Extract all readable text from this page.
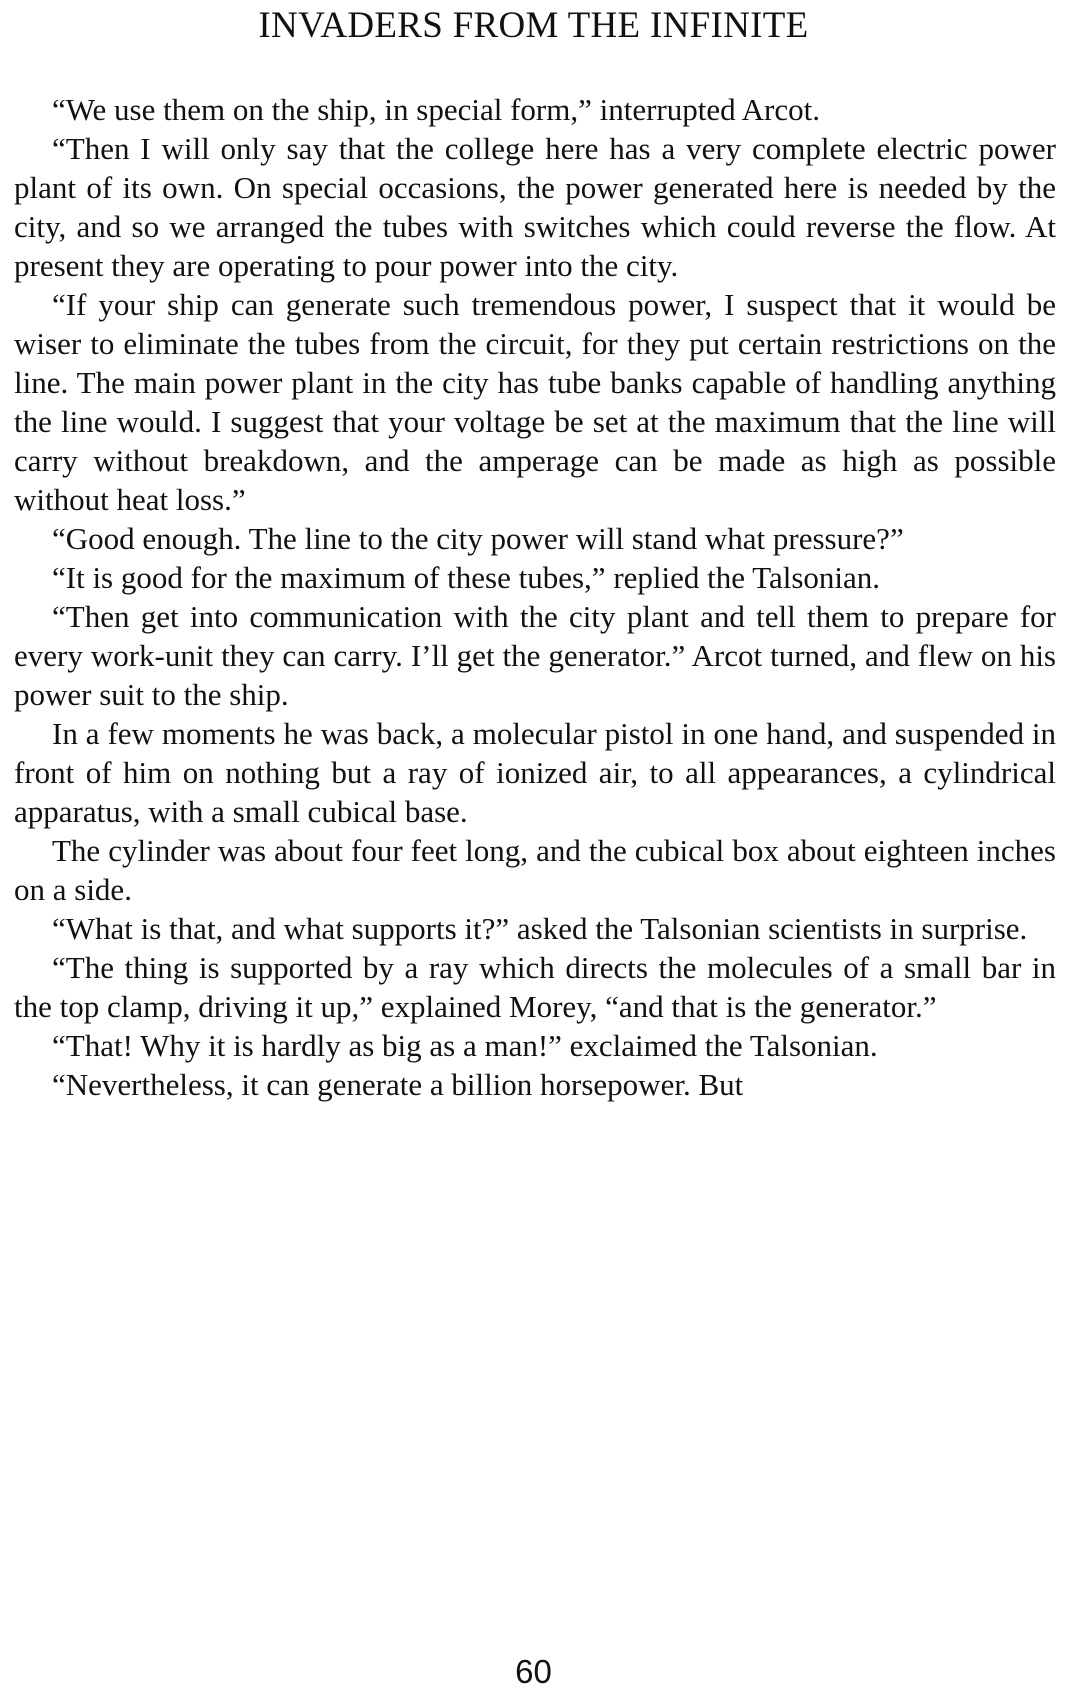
INVADERS FROM THE INFINITE

“We use them on the ship, in special form,” interrupted Arcot.

“Then I will only say that the college here has a very complete electric power plant of its own. On special occasions, the power generated here is needed by the city, and so we arranged the tubes with switches which could reverse the flow. At present they are operating to pour power into the city.

“If your ship can generate such tremendous power, I suspect that it would be wiser to eliminate the tubes from the circuit, for they put certain restrictions on the line. The main power plant in the city has tube banks capable of handling anything the line would. I suggest that your voltage be set at the maximum that the line will carry without breakdown, and the amperage can be made as high as possible without heat loss.”

“Good enough. The line to the city power will stand what pressure?”

“It is good for the maximum of these tubes,” replied the Talsonian.

“Then get into communication with the city plant and tell them to prepare for every work-unit they can carry. I’ll get the generator.” Arcot turned, and flew on his power suit to the ship.

In a few moments he was back, a molecular pistol in one hand, and suspended in front of him on nothing but a ray of ionized air, to all appearances, a cylindrical apparatus, with a small cubical base.

The cylinder was about four feet long, and the cubical box about eighteen inches on a side.

“What is that, and what supports it?” asked the Talsonian scientists in surprise.

“The thing is supported by a ray which directs the molecules of a small bar in the top clamp, driving it up,” explained Morey, “and that is the generator.”

“That! Why it is hardly as big as a man!” exclaimed the Talsonian.

“Nevertheless, it can generate a billion horsepower. But

60
